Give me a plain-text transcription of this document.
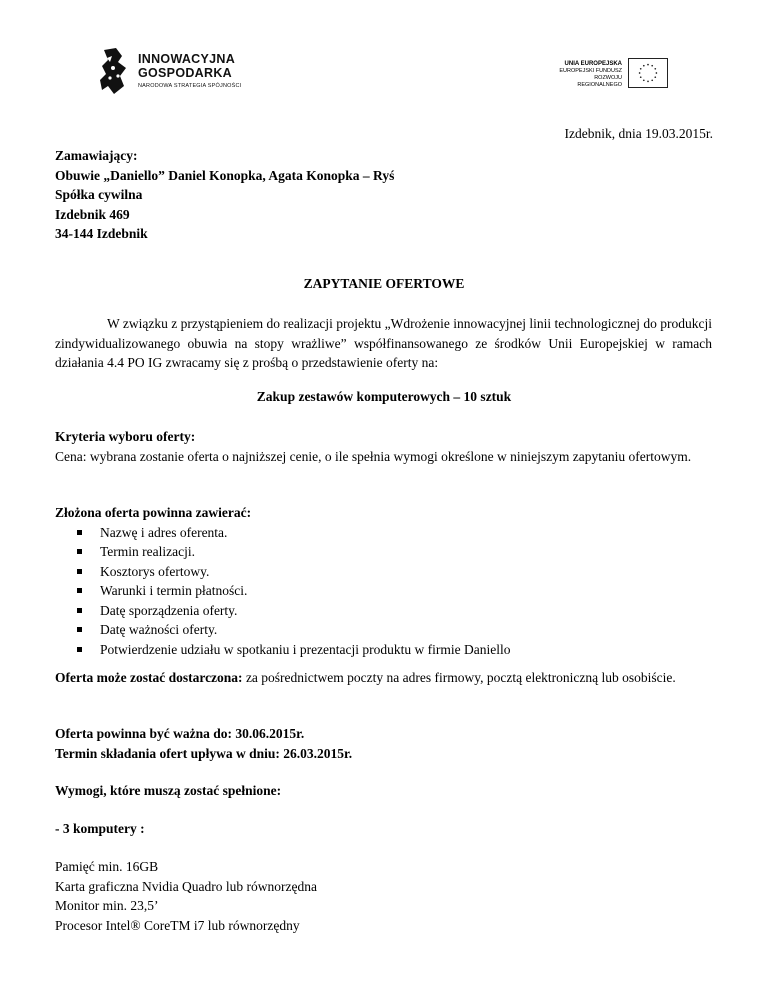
INNOWACYJNA
GOSPODARKA
NARODOWA STRATEGIA SPÓJNOŚCI
UNIA EUROPEJSKA
EUROPEJSKI FUNDUSZ
ROZWOJU REGIONALNEGO
Izdebnik, dnia 19.03.2015r.
Zamawiający:
Obuwie „Daniello” Daniel Konopka, Agata Konopka – Ryś
Spółka cywilna
Izdebnik 469
34-144 Izdebnik
ZAPYTANIE OFERTOWE
W związku z przystąpieniem do realizacji projektu „Wdrożenie innowacyjnej linii technologicznej do produkcji zindywidualizowanego obuwia na stopy wrażliwe” współfinansowanego ze środków Unii Europejskiej w ramach działania 4.4 PO IG zwracamy się z prośbą o przedstawienie oferty na:
Zakup zestawów komputerowych – 10 sztuk
Kryteria wyboru oferty:
Cena: wybrana zostanie oferta o najniższej cenie, o ile spełnia wymogi określone w niniejszym zapytaniu ofertowym.
Złożona oferta powinna zawierać:
Nazwę i adres oferenta.
Termin realizacji.
Kosztorys ofertowy.
Warunki i termin płatności.
Datę sporządzenia oferty.
Datę ważności oferty.
Potwierdzenie udziału w spotkaniu i prezentacji produktu w firmie Daniello
Oferta może zostać dostarczona: za pośrednictwem poczty na adres firmowy, pocztą elektroniczną lub osobiście.
Oferta powinna być ważna do: 30.06.2015r.
Termin składania ofert upływa w dniu: 26.03.2015r.
Wymogi, które muszą zostać spełnione:
- 3 komputery :
Pamięć min. 16GB
Karta graficzna Nvidia Quadro lub równorzędna
Monitor min. 23,5’
Procesor Intel® CoreTM i7 lub równorzędny
